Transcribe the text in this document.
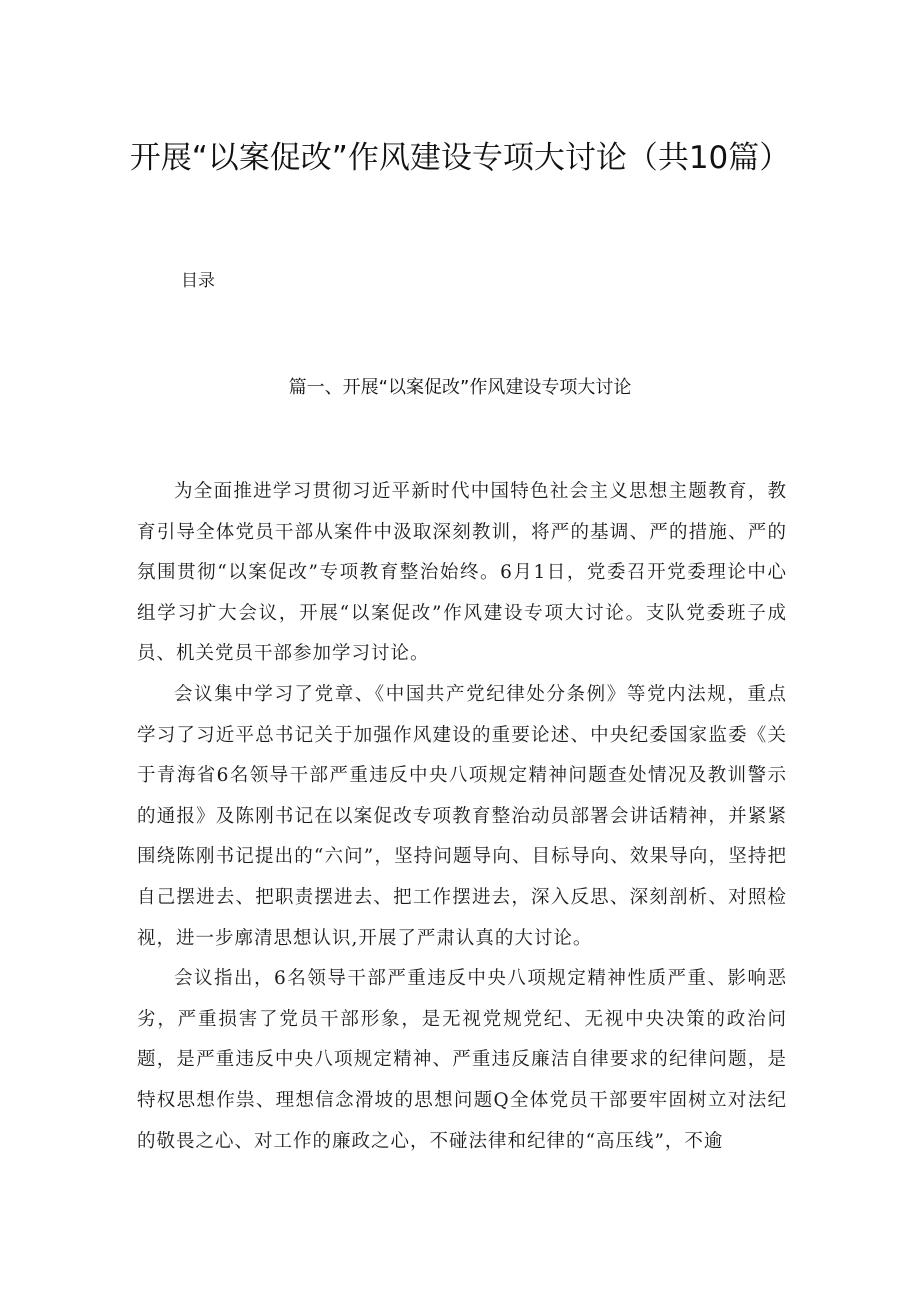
开展“以案促改”作风建设专项大讨论（共10篇）
目录
篇一、开展“以案促改”作风建设专项大讨论

为全面推进学习贯彻习近平新时代中国特色社会主义思想主题教育，教育引导全体党员干部从案件中汲取深刻教训，将严的基调、严的措施、严的氛围贯彻“以案促改”专项教育整治始终。6月1日，党委召开党委理论中心组学习扩大会议，开展“以案促改”作风建设专项大讨论。支队党委班子成员、机关党员干部参加学习讨论。

会议集中学习了党章、《中国共产党纪律处分条例》等党内法规，重点学习了习近平总书记关于加强作风建设的重要论述、中央纪委国家监委《关于青海省6名领导干部严重违反中央八项规定精神问题查处情况及教训警示的通报》及陈刚书记在以案促改专项教育整治动员部署会讲话精神，并紧紧围绕陈刚书记提出的“六问”，坚持问题导向、目标导向、效果导向，坚持把自己摆进去、把职责摆进去、把工作摆进去，深入反思、深刻剖析、对照检视，进一步廓清思想认识,开展了严肃认真的大讨论。

会议指出，6名领导干部严重违反中央八项规定精神性质严重、影响恶劣，严重损害了党员干部形象，是无视党规党纪、无视中央决策的政治问题，是严重违反中央八项规定精神、严重违反廉洁自律要求的纪律问题，是特权思想作祟、理想信念滑坡的思想问题Q全体党员干部要牢固树立对法纪的敬畏之心、对工作的廉政之心，不碰法律和纪律的“高压线”，不逾
